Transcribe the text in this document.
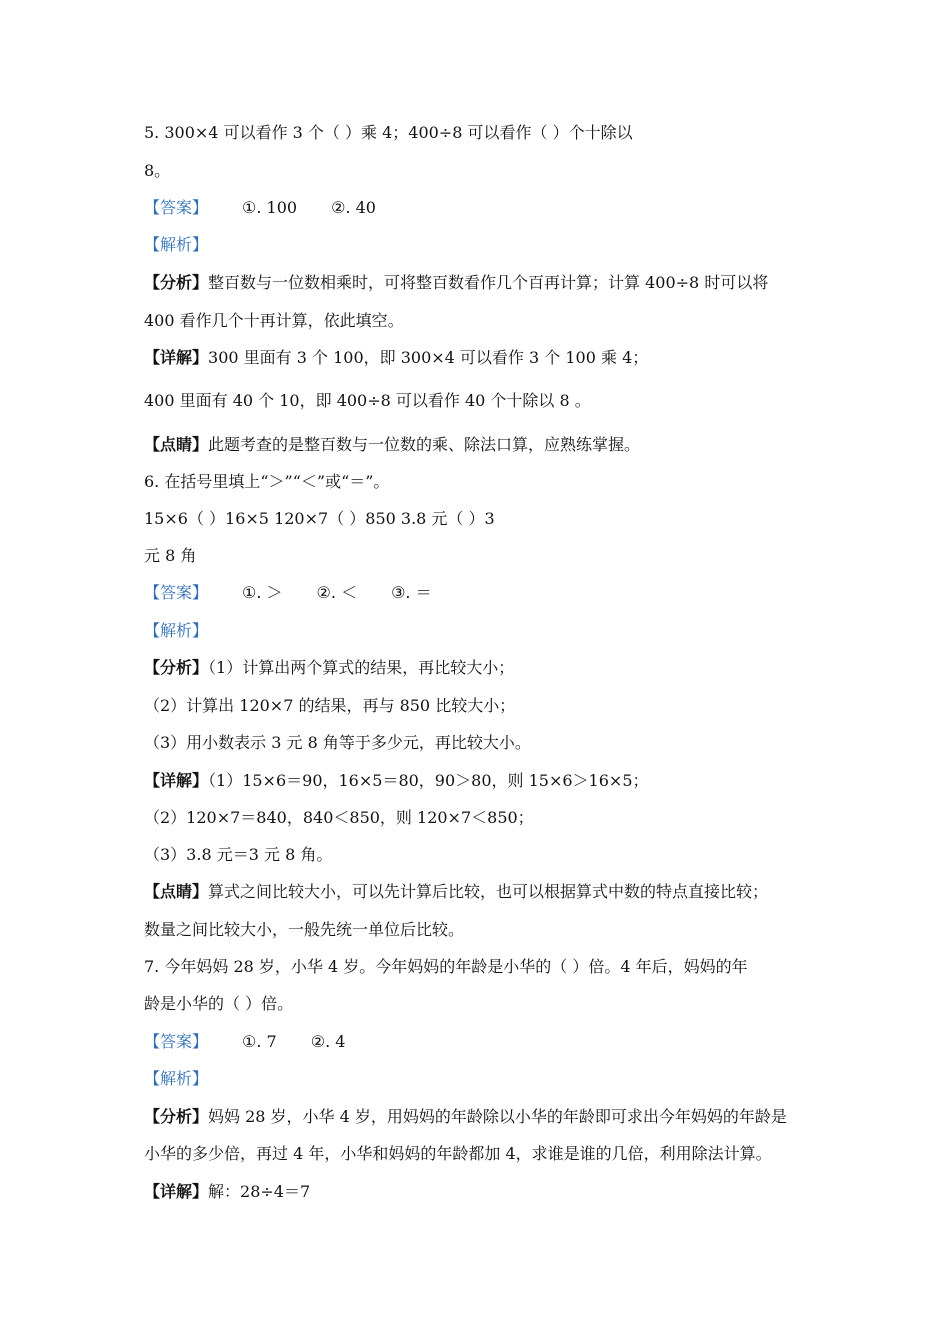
5. 300×4 可以看作 3 个（ ）乘 4；400÷8 可以看作（ ）个十除以
8。
【答案】 ①. 100 ②. 40
【解析】
【分析】整百数与一位数相乘时，可将整百数看作几个百再计算；计算 400÷8 时可以将
400 看作几个十再计算，依此填空。
【详解】300 里面有 3 个 100，即 300×4 可以看作 3 个 100 乘 4；
400 里面有 40 个 10，即 400÷8 可以看作 40 个十除以 8 。
【点睛】此题考查的是整百数与一位数的乘、除法口算，应熟练掌握。
6. 在括号里填上“＞”“＜”或“＝”。
15×6（ ）16×5 120×7（ ）850 3.8 元（ ）3
元 8 角
【答案】 ①. ＞ ②. ＜ ③. ＝
【解析】
【分析】（1）计算出两个算式的结果，再比较大小；
（2）计算出 120×7 的结果，再与 850 比较大小；
（3）用小数表示 3 元 8 角等于多少元，再比较大小。
【详解】（1）15×6＝90，16×5＝80，90＞80，则 15×6＞16×5；
（2）120×7＝840，840＜850，则 120×7＜850；
（3）3.8 元＝3 元 8 角。
【点睛】算式之间比较大小，可以先计算后比较，也可以根据算式中数的特点直接比较；
数量之间比较大小，一般先统一单位后比较。
7. 今年妈妈 28 岁，小华 4 岁。今年妈妈的年龄是小华的（ ）倍。4 年后，妈妈的年
龄是小华的（ ）倍。
【答案】 ①. 7 ②. 4
【解析】
【分析】妈妈 28 岁，小华 4 岁，用妈妈的年龄除以小华的年龄即可求出今年妈妈的年龄是
小华的多少倍，再过 4 年，小华和妈妈的年龄都加 4，求谁是谁的几倍，利用除法计算。
【详解】解：28÷4＝7
